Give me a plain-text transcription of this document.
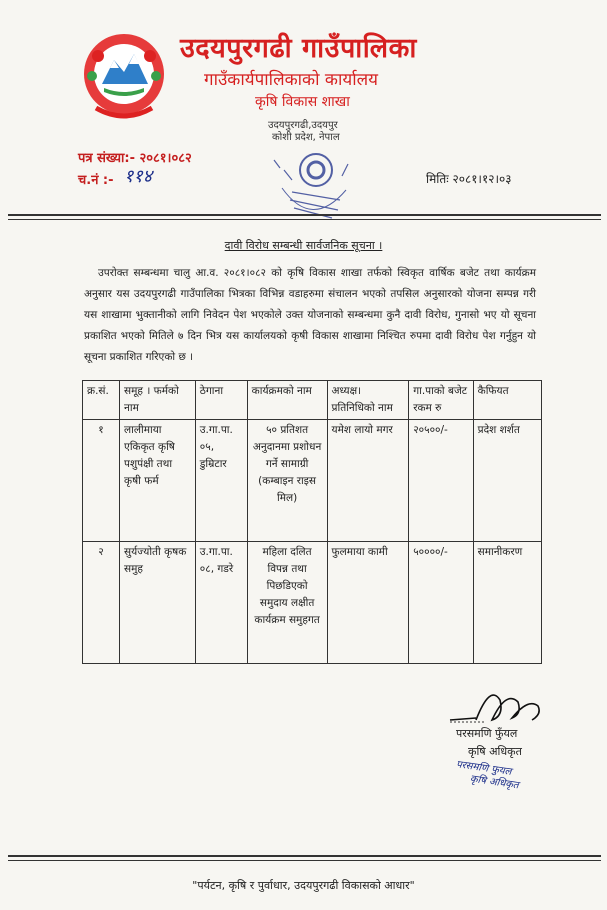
उदयपुरगढी गाउँपालिका
गाउँकार्यपालिकाको कार्यालय
कृषि विकास शाखा
उदयपुरगढी,उदयपुर
कोशी प्रदेश, नेपाल
पत्र संख्या:- २०८१।०८२
च.नं :- ११४	मितिः २०८१।१२।०३
दावी विरोध सम्बन्धी सार्वजनिक सूचना ।

उपरोक्त सम्बन्धमा चालु आ.व. २०८१।०८२ को कृषि विकास शाखा तर्फको स्विकृत वार्षिक बजेट तथा कार्यक्रम अनुसार यस उदयपुरगढी गाउँपालिका भित्रका विभिन्न वडाहरुमा संचालन भएको तपसिल अनुसारको योजना सम्पन्न गरी यस शाखामा भुक्तानीको लागि निवेदन पेश भएकोले उक्त योजनाको सम्बन्धमा कुनै दावी विरोध, गुनासो भए यो सूचना प्रकाशित भएको मितिले ७ दिन भित्र यस कार्यालयको कृषी विकास शाखामा निश्चित रुपमा दावी विरोध पेश गर्नुहुन यो सूचना प्रकाशित गरिएको छ ।

क्र.सं.	समूह । फर्मको नाम	ठेगाना	कार्यक्रमको नाम	अध्यक्ष। प्रतिनिधिको नाम	गा.पाको बजेट रकम रु	कैफियत
१	लालीमाया एकिकृत कृषि पशुपंक्षी तथा कृषी फर्म	उ.गा.पा. ०५, डुम्रिटार	५० प्रतिशत अनुदानमा प्रशोधन गर्ने सामाग्री (कम्बाइन राइस मिल)	यमेश लायो मगर	२०५००/-	प्रदेश शर्शत
२	सुर्यज्योती कृषक समुह	उ.गा.पा. ०८, गडरे	महिला दलित विपन्न तथा पिछडिएको समुदाय लक्षीत कार्यक्रम समुहगत	फुलमाया कामी	५००००/-	समानीकरण
परसमणि फुँयल
कृषि अधिकृत
परसमणि फुयल
कृषि अधिकृत
"पर्यटन, कृषि र पुर्वाधार, उदयपुरगढी विकासको आधार"
